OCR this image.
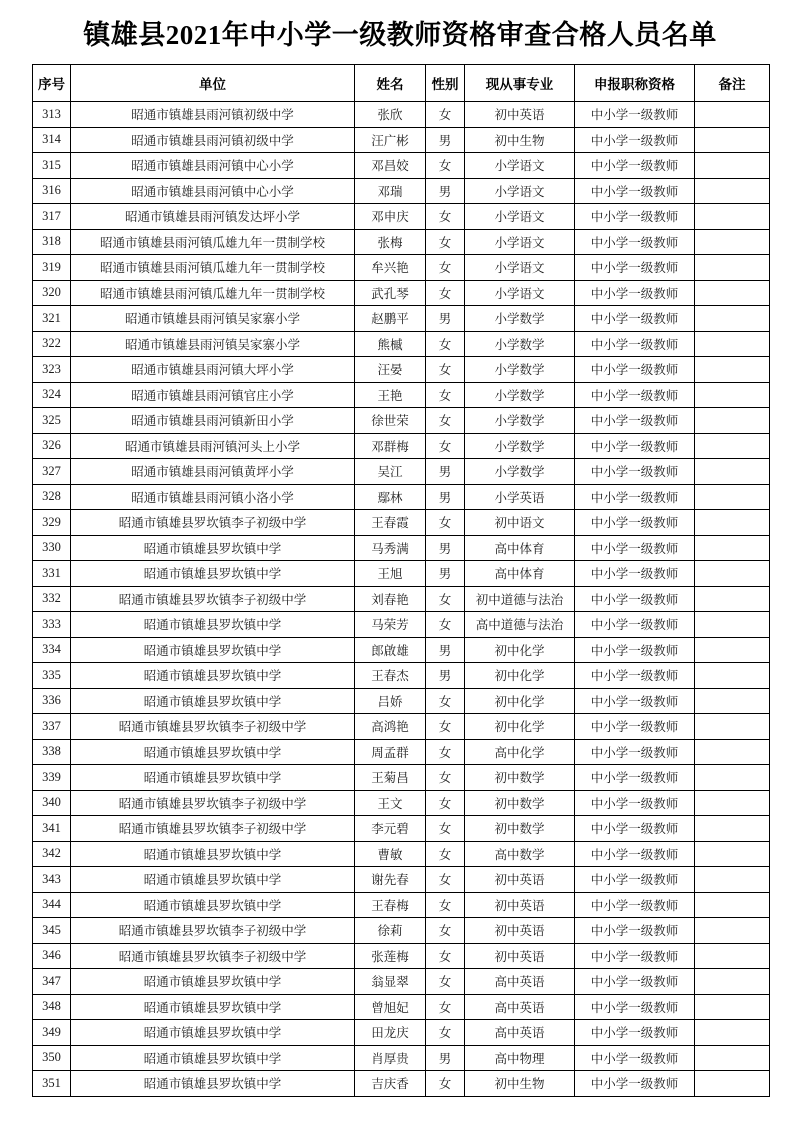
镇雄县2021年中小学一级教师资格审查合格人员名单
序号	单位	姓名	性别	现从事专业	申报职称资格	备注
313	昭通市镇雄县雨河镇初级中学	张欣	女	初中英语	中小学一级教师	
314	昭通市镇雄县雨河镇初级中学	汪广彬	男	初中生物	中小学一级教师	
315	昭通市镇雄县雨河镇中心小学	邓昌姣	女	小学语文	中小学一级教师	
316	昭通市镇雄县雨河镇中心小学	邓瑞	男	小学语文	中小学一级教师	
317	昭通市镇雄县雨河镇发达坪小学	邓申庆	女	小学语文	中小学一级教师	
318	昭通市镇雄县雨河镇瓜雄九年一贯制学校	张梅	女	小学语文	中小学一级教师	
319	昭通市镇雄县雨河镇瓜雄九年一贯制学校	牟兴艳	女	小学语文	中小学一级教师	
320	昭通市镇雄县雨河镇瓜雄九年一贯制学校	武孔琴	女	小学语文	中小学一级教师	
321	昭通市镇雄县雨河镇吴家寨小学	赵鹏平	男	小学数学	中小学一级教师	
322	昭通市镇雄县雨河镇吴家寨小学	熊槭	女	小学数学	中小学一级教师	
323	昭通市镇雄县雨河镇大坪小学	汪晏	女	小学数学	中小学一级教师	
324	昭通市镇雄县雨河镇官庄小学	王艳	女	小学数学	中小学一级教师	
325	昭通市镇雄县雨河镇新田小学	徐世荣	女	小学数学	中小学一级教师	
326	昭通市镇雄县雨河镇河头上小学	邓群梅	女	小学数学	中小学一级教师	
327	昭通市镇雄县雨河镇黄坪小学	吴江	男	小学数学	中小学一级教师	
328	昭通市镇雄县雨河镇小洛小学	鄢林	男	小学英语	中小学一级教师	
329	昭通市镇雄县罗坎镇李子初级中学	王春霞	女	初中语文	中小学一级教师	
330	昭通市镇雄县罗坎镇中学	马秀满	男	高中体育	中小学一级教师	
331	昭通市镇雄县罗坎镇中学	王旭	男	高中体育	中小学一级教师	
332	昭通市镇雄县罗坎镇李子初级中学	刘春艳	女	初中道德与法治	中小学一级教师	
333	昭通市镇雄县罗坎镇中学	马荣芳	女	高中道德与法治	中小学一级教师	
334	昭通市镇雄县罗坎镇中学	郎啟雄	男	初中化学	中小学一级教师	
335	昭通市镇雄县罗坎镇中学	王春杰	男	初中化学	中小学一级教师	
336	昭通市镇雄县罗坎镇中学	吕娇	女	初中化学	中小学一级教师	
337	昭通市镇雄县罗坎镇李子初级中学	高鸿艳	女	初中化学	中小学一级教师	
338	昭通市镇雄县罗坎镇中学	周孟群	女	高中化学	中小学一级教师	
339	昭通市镇雄县罗坎镇中学	王菊昌	女	初中数学	中小学一级教师	
340	昭通市镇雄县罗坎镇李子初级中学	王文	女	初中数学	中小学一级教师	
341	昭通市镇雄县罗坎镇李子初级中学	李元碧	女	初中数学	中小学一级教师	
342	昭通市镇雄县罗坎镇中学	曹敏	女	高中数学	中小学一级教师	
343	昭通市镇雄县罗坎镇中学	谢先春	女	初中英语	中小学一级教师	
344	昭通市镇雄县罗坎镇中学	王春梅	女	初中英语	中小学一级教师	
345	昭通市镇雄县罗坎镇李子初级中学	徐莉	女	初中英语	中小学一级教师	
346	昭通市镇雄县罗坎镇李子初级中学	张莲梅	女	初中英语	中小学一级教师	
347	昭通市镇雄县罗坎镇中学	翁显翠	女	高中英语	中小学一级教师	
348	昭通市镇雄县罗坎镇中学	曾旭妃	女	高中英语	中小学一级教师	
349	昭通市镇雄县罗坎镇中学	田龙庆	女	高中英语	中小学一级教师	
350	昭通市镇雄县罗坎镇中学	肖厚贵	男	高中物理	中小学一级教师	
351	昭通市镇雄县罗坎镇中学	吉庆香	女	初中生物	中小学一级教师	
